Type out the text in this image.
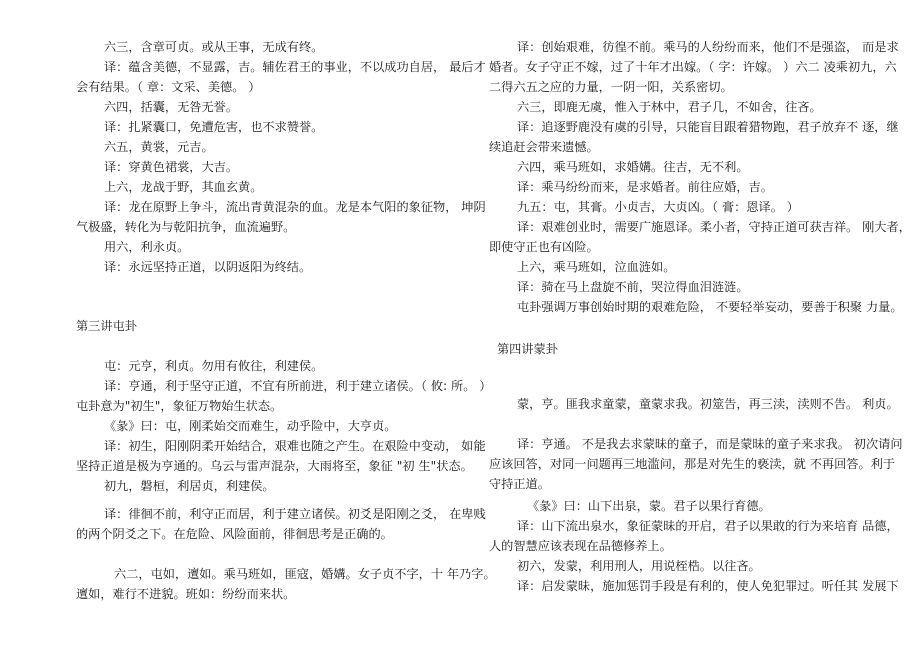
六三，含章可贞。或从王事，无成有终。
译：蕴含美德，不显露，吉。辅佐君王的事业，不以成功自居， 最后才
会有结果。（ 章：文采、美德。 ）
六四，括囊，无咎无誉。
译：扎紧囊口，免遭危害，也不求赞誉。
六五，黄裳，元吉。
译：穿黄色裙裳，大吉。
上六，龙战于野，其血玄黄。
译：龙在原野上争斗，流出青黄混杂的血。龙是本气阳的象征物， 坤阴
气极盛，转化为与乾阳抗争，血流遍野。
用六，利永贞。
译：永远坚持正道，以阴返阳为终结。
第三讲屯卦
屯：元亨，利贞。勿用有攸往，利建侯。
译：亨通，利于坚守正道，不宜有所前进，利于建立诸侯。（ 攸: 所。 ）
屯卦意为"初生"，象征万物始生状态。
《彖》曰：屯，刚柔始交而难生，动乎险中，大亨贞。
译：初生，阳刚阴柔开始结合，艰难也随之产生。在艰险中变动， 如能
坚持正道是极为亨通的。乌云与雷声混杂，大雨将至，象征 "初 生"状态。
初九，磐桓，利居贞，利建侯。
译：徘徊不前，利守正而居，利于建立诸侯。初爻是阳刚之爻， 在卑贱
的两个阴爻之下。在危险、风险面前，徘徊思考是正确的。
六二，屯如，邅如。乘马班如，匪寇，婚媾。女子贞不字，十 年乃字。
邅如，难行不进貌。班如：纷纷而来状。
译：创始艰难，彷徨不前。乘马的人纷纷而来，他们不是强盗， 而是求
婚者。女子守正不嫁，过了十年才出嫁。（ 字：许嫁。 ）六二 凌乘初九，六
二得六五之应的力量，一阴一阳，关系密切。
六三，即鹿无虞，惟入于林中，君子几，不如舍，往吝。
译：追逐野鹿没有虞的引导，只能盲目跟着猎物跑，君子放弃不 逐，继
续追赶会带来遗憾。
六四，乘马班如，求婚媾。往吉，无不利。
译：乘马纷纷而来，是求婚者。前往应婚，吉。
九五：屯，其膏。小贞吉，大贞凶。（ 膏：恩译。 ）
译：艰难创业时，需要广施恩译。柔小者，守持正道可获吉祥。 刚大者，
即使守正也有凶险。
上六，乘马班如，泣血涟如。
译：骑在马上盘旋不前，哭泣得血泪涟涟。
屯卦强调万事创始时期的艰难危险， 不要轻举妄动，要善于积聚 力量。
第四讲蒙卦
蒙，亨。匪我求童蒙，童蒙求我。初筮告，再三渎，渎则不告。 利贞。
译：亨通。 不是我去求蒙昧的童子，而是蒙昧的童子来求我。 初次请问
应该回答，对同一问题再三地滥问，那是对先生的亵渎，就 不再回答。利于
守持正道。
《彖》曰：山下出泉，蒙。君子以果行育德。
译：山下流出泉水，象征蒙昧的开启，君子以果敢的行为来培育 品德，
人的智慧应该表现在品德修养上。
初六，发蒙，利用刑人，用说桎梏。以往吝。
译：启发蒙昧，施加惩罚手段是有利的，使人免犯罪过。听任其 发展下
